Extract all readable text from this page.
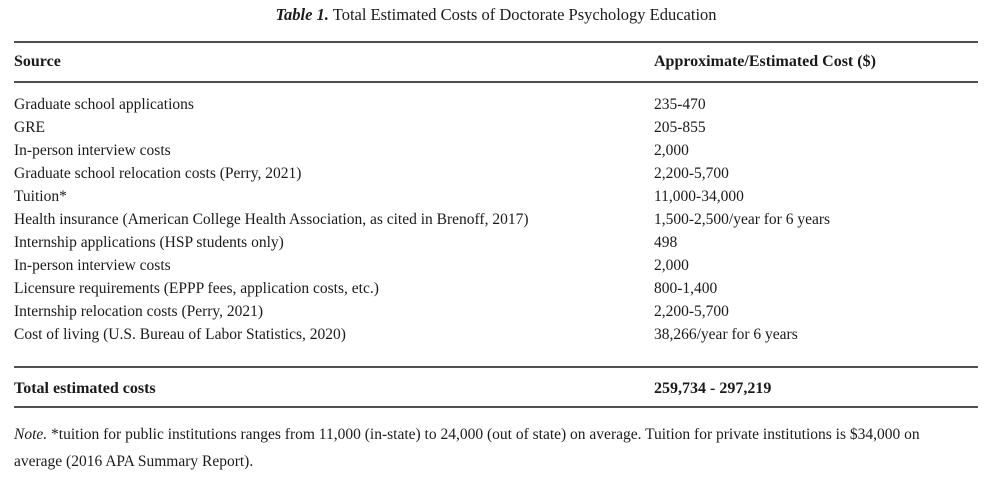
Table 1. Total Estimated Costs of Doctorate Psychology Education
Source	Approximate/Estimated Cost ($)
Graduate school applications	235-470
GRE	205-855
In-person interview costs	2,000
Graduate school relocation costs (Perry, 2021)	2,200-5,700
Tuition*	11,000-34,000
Health insurance (American College Health Association, as cited in Brenoff, 2017)	1,500-2,500/year for 6 years
Internship applications (HSP students only)	498
In-person interview costs	2,000
Licensure requirements (EPPP fees, application costs, etc.)	800-1,400
Internship relocation costs (Perry, 2021)	2,200-5,700
Cost of living (U.S. Bureau of Labor Statistics, 2020)	38,266/year for 6 years
Total estimated costs	259,734 - 297,219
Note. *tuition for public institutions ranges from 11,000 (in-state) to 24,000 (out of state) on average. Tuition for private institutions is $34,000 on average (2016 APA Summary Report).
